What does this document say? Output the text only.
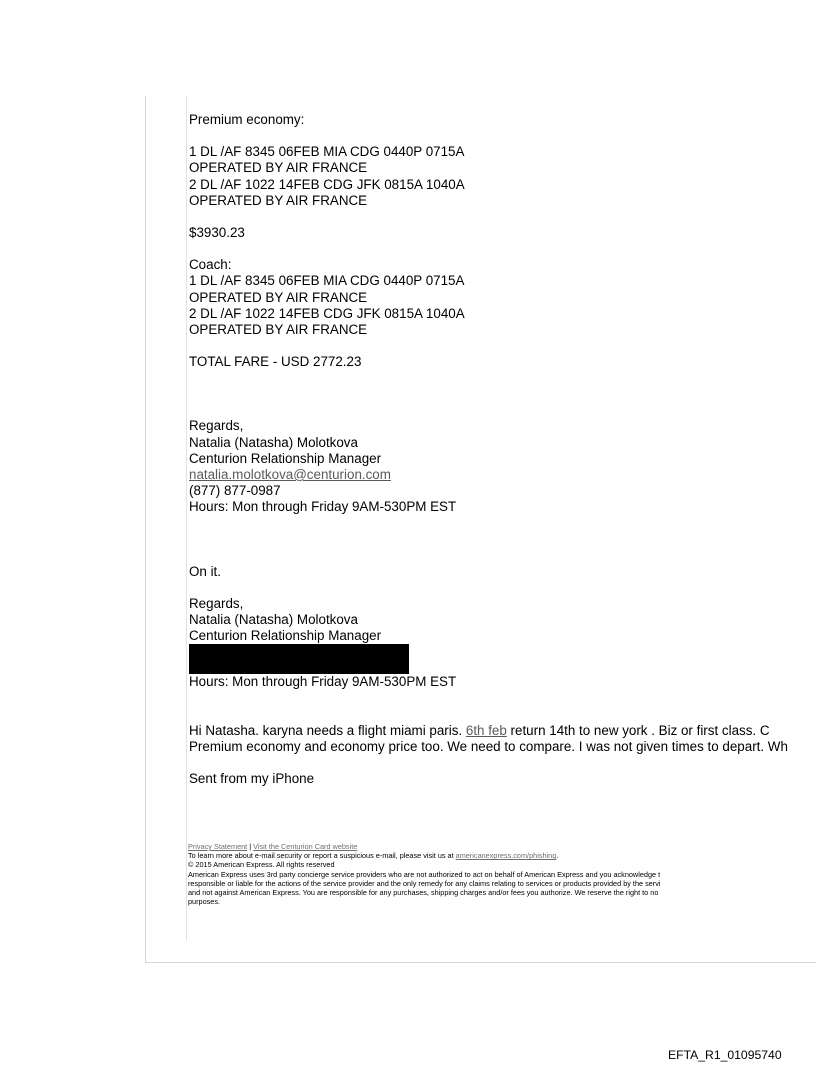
Premium economy:
1 DL /AF 8345 06FEB MIA CDG 0440P 0715A
OPERATED BY AIR FRANCE
2 DL /AF 1022 14FEB CDG JFK 0815A 1040A
OPERATED BY AIR FRANCE
$3930.23
Coach:
1 DL /AF 8345 06FEB MIA CDG 0440P 0715A
OPERATED BY AIR FRANCE
2 DL /AF 1022 14FEB CDG JFK 0815A 1040A
OPERATED BY AIR FRANCE
TOTAL FARE - USD 2772.23
Regards,
Natalia (Natasha) Molotkova
Centurion Relationship Manager
natalia.molotkova@centurion.com
(877) 877-0987
Hours: Mon through Friday 9AM-530PM EST
On it.
Regards,
Natalia (Natasha) Molotkova
Centurion Relationship Manager
Hours: Mon through Friday 9AM-530PM EST
Hi Natasha. karyna needs a flight miami paris. 6th feb return 14th to new york . Biz or first class. C
Premium economy and economy price too. We need to compare. I was not given times to depart. Wh
Sent from my iPhone
Privacy Statement | Visit the Centurion Card website
To learn more about e-mail security or report a suspicious e-mail, please visit us at americanexpress.com/phishing.
© 2015 American Express. All rights reserved
American Express uses 3rd party concierge service providers who are not authorized to act on behalf of American Express and you acknowledge t
responsible or liable for the actions of the service provider and the only remedy for any claims relating to services or products provided by the servi
and not against American Express. You are responsible for any purchases, shipping charges and/or fees you authorize. We reserve the right to no
purposes.
EFTA_R1_01095740
